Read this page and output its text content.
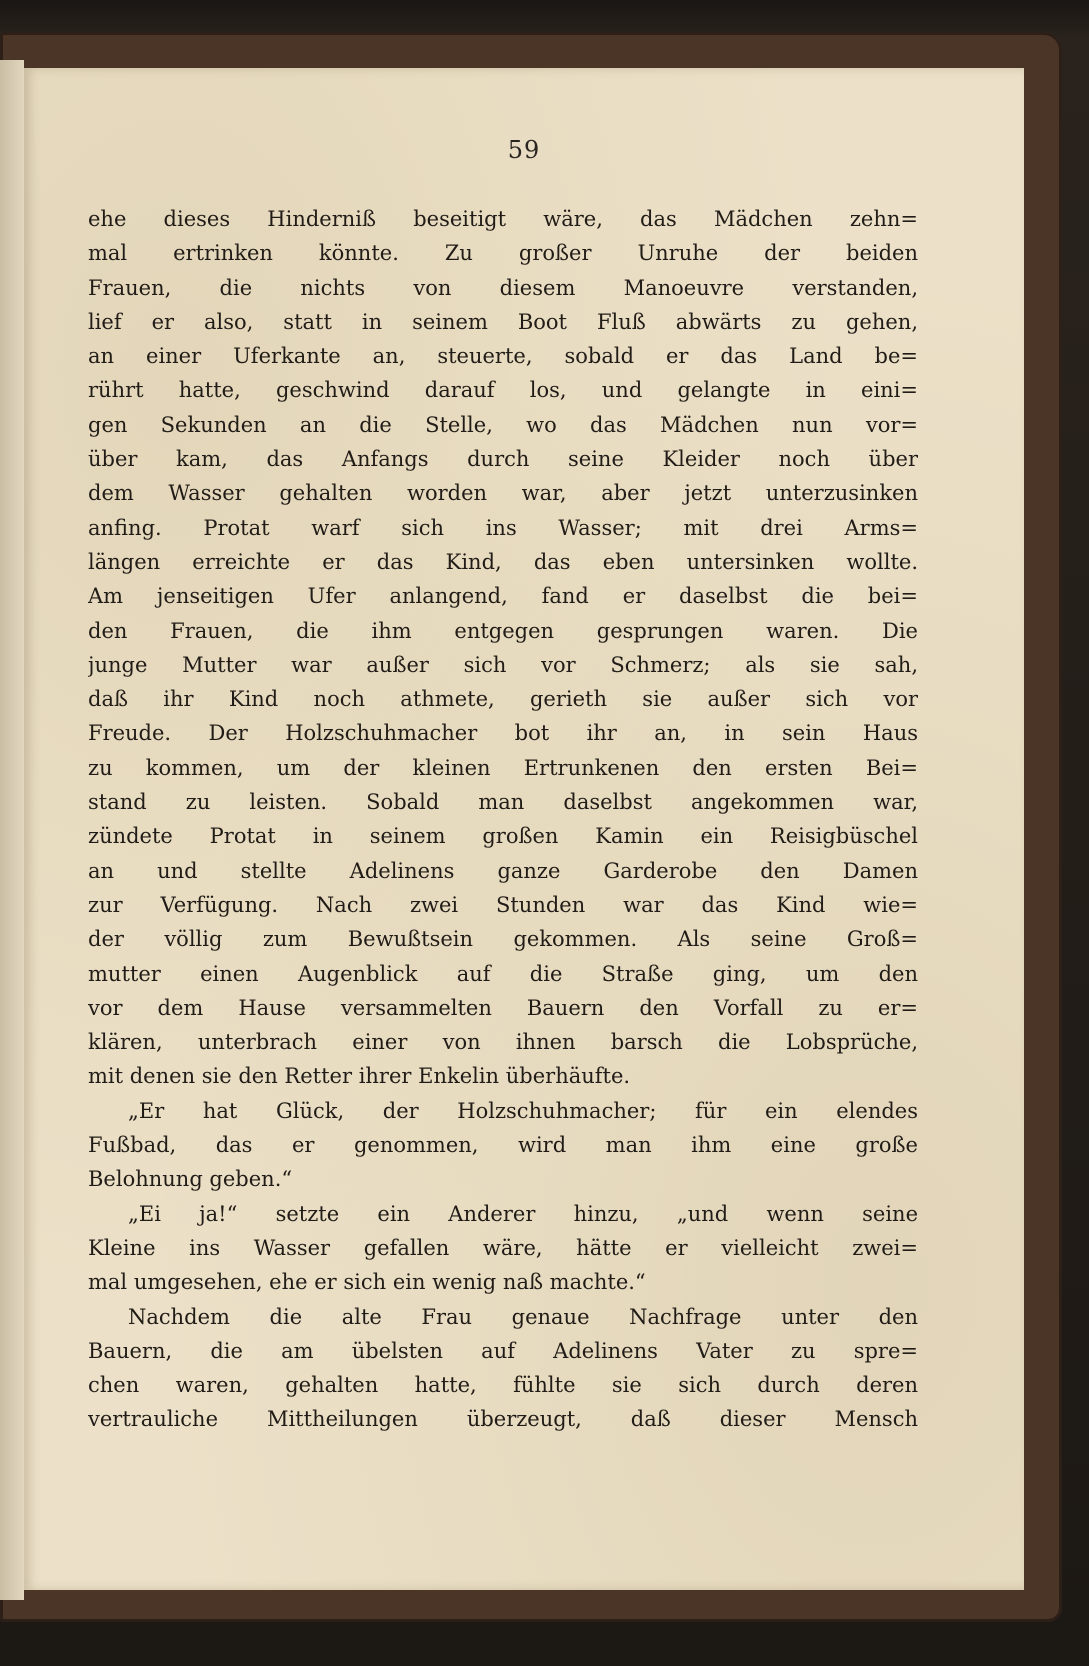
59
ehe dieses Hinderniß beseitigt wäre, das Mädchen zehn=
mal ertrinken könnte. Zu großer Unruhe der beiden
Frauen, die nichts von diesem Manoeuvre verstanden,
lief er also, statt in seinem Boot Fluß abwärts zu gehen,
an einer Uferkante an, steuerte, sobald er das Land be=
rührt hatte, geschwind darauf los, und gelangte in eini=
gen Sekunden an die Stelle, wo das Mädchen nun vor=
über kam, das Anfangs durch seine Kleider noch über
dem Wasser gehalten worden war, aber jetzt unterzusinken
anfing. Protat warf sich ins Wasser; mit drei Arms=
längen erreichte er das Kind, das eben untersinken wollte.
Am jenseitigen Ufer anlangend, fand er daselbst die bei=
den Frauen, die ihm entgegen gesprungen waren. Die
junge Mutter war außer sich vor Schmerz; als sie sah,
daß ihr Kind noch athmete, gerieth sie außer sich vor
Freude. Der Holzschuhmacher bot ihr an, in sein Haus
zu kommen, um der kleinen Ertrunkenen den ersten Bei=
stand zu leisten. Sobald man daselbst angekommen war,
zündete Protat in seinem großen Kamin ein Reisigbüschel
an und stellte Adelinens ganze Garderobe den Damen
zur Verfügung. Nach zwei Stunden war das Kind wie=
der völlig zum Bewußtsein gekommen. Als seine Groß=
mutter einen Augenblick auf die Straße ging, um den
vor dem Hause versammelten Bauern den Vorfall zu er=
klären, unterbrach einer von ihnen barsch die Lobsprüche,
mit denen sie den Retter ihrer Enkelin überhäufte.
„Er hat Glück, der Holzschuhmacher; für ein elendes
Fußbad, das er genommen, wird man ihm eine große
Belohnung geben.“
„Ei ja!“ setzte ein Anderer hinzu, „und wenn seine
Kleine ins Wasser gefallen wäre, hätte er vielleicht zwei=
mal umgesehen, ehe er sich ein wenig naß machte.“
Nachdem die alte Frau genaue Nachfrage unter den
Bauern, die am übelsten auf Adelinens Vater zu spre=
chen waren, gehalten hatte, fühlte sie sich durch deren
vertrauliche Mittheilungen überzeugt, daß dieser Mensch
